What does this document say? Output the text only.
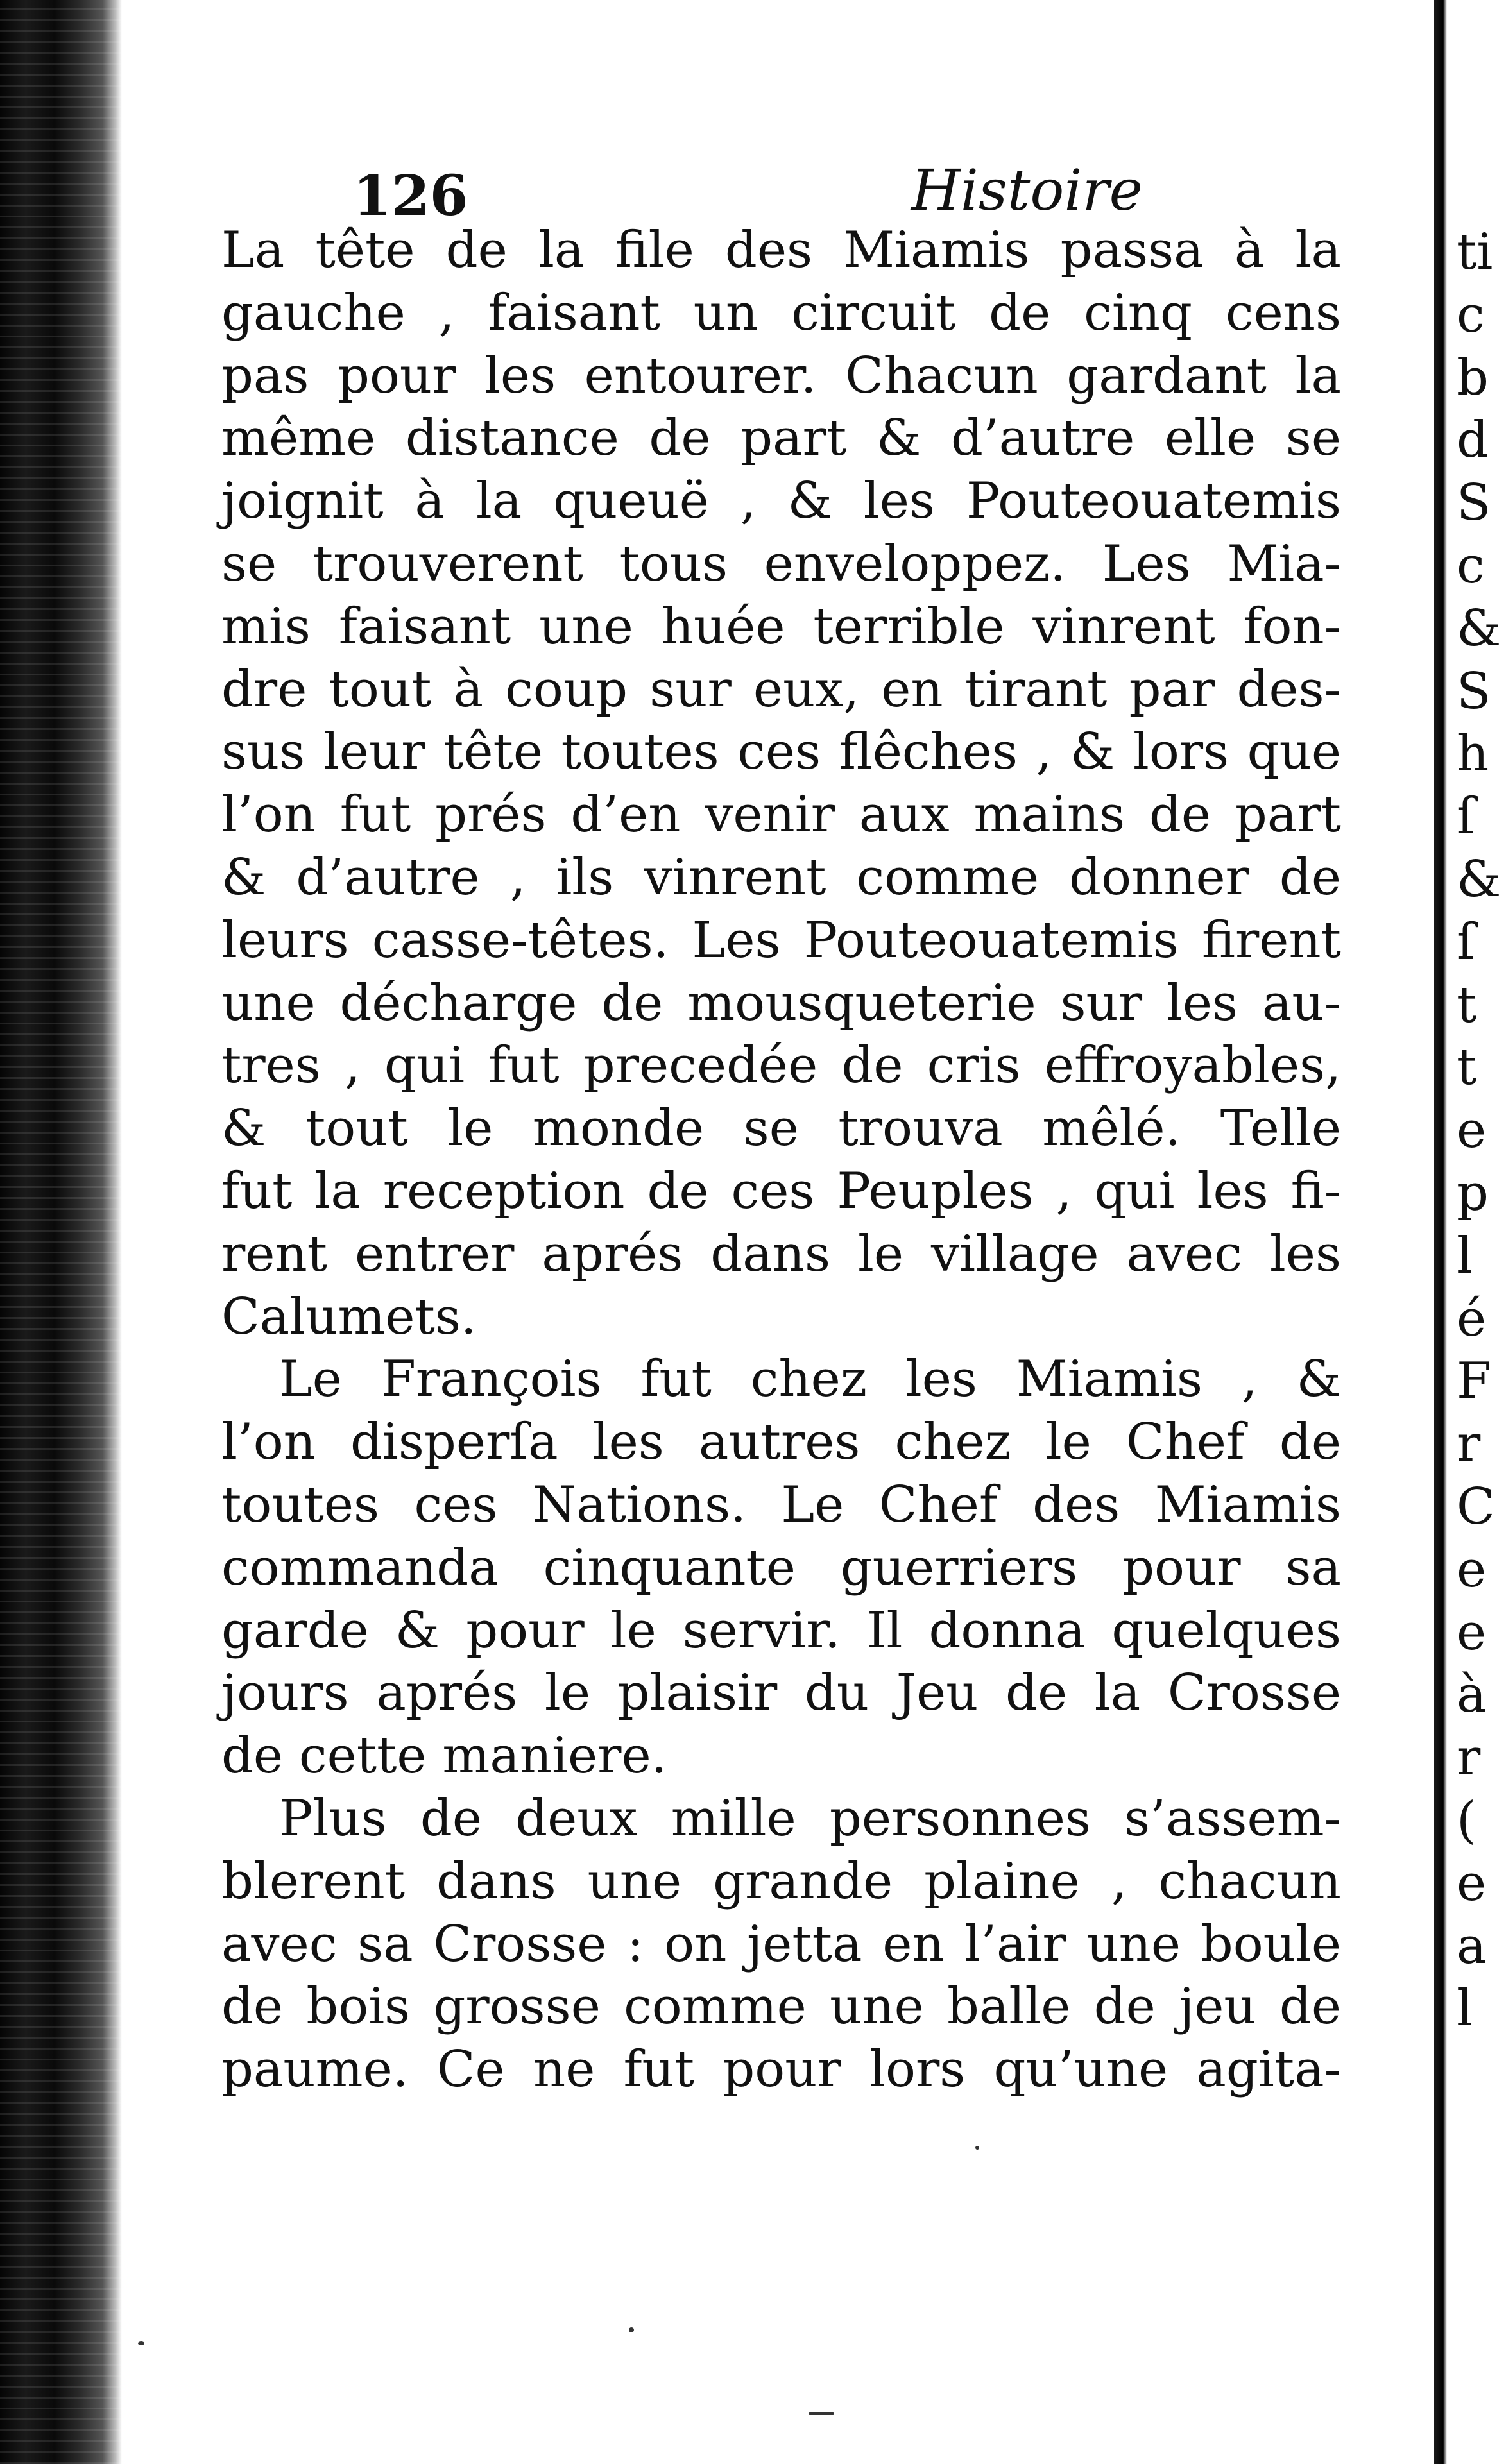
126	Histoire
La tête de la file des Miamis passa à la
gauche , faisant un circuit de cinq cens
pas pour les entourer. Chacun gardant la
même distance de part & d’autre elle se
joignit à la queuë , & les Pouteouatemis
se trouverent tous enveloppez. Les Mia-
mis faisant une huée terrible vinrent fon-
dre tout à coup sur eux, en tirant par des-
sus leur tête toutes ces flêches , & lors que
l’on fut prés d’en venir aux mains de part
& d’autre , ils vinrent comme donner de
leurs casse-têtes. Les Pouteouatemis firent
une décharge de mousqueterie sur les au-
tres , qui fut precedée de cris effroyables,
& tout le monde se trouva mêlé. Telle
fut la reception de ces Peuples , qui les fi-
rent entrer aprés dans le village avec les
Calumets.
Le François fut chez les Miamis , &
l’on disperſa les autres chez le Chef de
toutes ces Nations. Le Chef des Miamis
commanda cinquante guerriers pour sa
garde & pour le servir. Il donna quelques
jours aprés le plaisir du Jeu de la Crosse
de cette maniere.
Plus de deux mille personnes s’assem-
blerent dans une grande plaine , chacun
avec sa Crosse : on jetta en l’air une boule
de bois grosse comme une balle de jeu de
paume. Ce ne fut pour lors qu’une agita-
ti
c
b
d
S
c
&
S
h
ſ
&
ſ
t
t
e
p
l
é
F
r
C
e
e
à
r
(
e
a
l
